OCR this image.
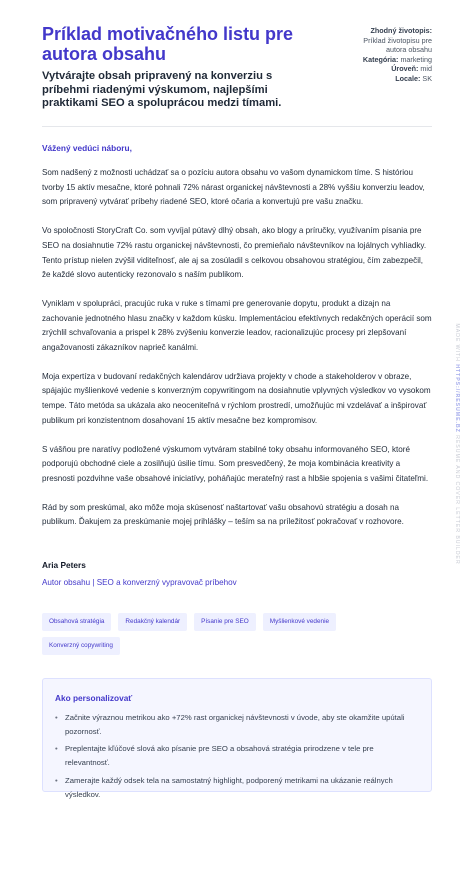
Príklad motivačného listu pre autora obsahu

Vytvárajte obsah pripravený na konverziu s príbehmi riadenými výskumom, najlepšími praktikami SEO a spoluprácou medzi tímami.

Zhodný životopis:
Príklad životopisu pre autora obsahu
Kategória: marketing
Úroveň: mid
Locale: SK

Vážený vedúci náboru,

Som nadšený z možnosti uchádzať sa o pozíciu autora obsahu vo vašom dynamickom tíme. S históriou tvorby 15 aktív mesačne, ktoré pohnali 72% nárast organickej návštevnosti a 28% vyššiu konverziu leadov, som pripravený vytvárať príbehy riadené SEO, ktoré očaria a konvertujú pre vašu značku.

Vo spoločnosti StoryCraft Co. som vyvíjal pútavý dlhý obsah, ako blogy a príručky, využívaním písania pre SEO na dosiahnutie 72% rastu organickej návštevnosti, čo premieňalo návštevníkov na lojálnych vyhliadky. Tento prístup nielen zvýšil viditeľnosť, ale aj sa zosúladil s celkovou obsahovou stratégiou, čím zabezpečil, že každé slovo autenticky rezonovalo s naším publikom.

Vyniklam v spolupráci, pracujúc ruka v ruke s tímami pre generovanie dopytu, produkt a dizajn na zachovanie jednotného hlasu značky v každom kúsku. Implementáciou efektívnych redakčných operácií som zrýchlil schvaľovania a prispel k 28% zvýšeniu konverzie leadov, racionalizujúc procesy pri zlepšovaní angažovanosti zákazníkov naprieč kanálmi.

Moja expertíza v budovaní redakčných kalendárov udržiava projekty v chode a stakeholderov v obraze, spájajúc myšlienkové vedenie s konverzným copywritingom na dosiahnutie vplyvných výsledkov vo vysokom tempe. Táto metóda sa ukázala ako neoceniteľná v rýchlom prostredí, umožňujúc mi vzdelávať a inšpirovať publikum pri konzistentnom dosahovaní 15 aktív mesačne bez kompromisov.

S vášňou pre naratívy podložené výskumom vytváram stabilné toky obsahu informovaného SEO, ktoré podporujú obchodné ciele a zosilňujú úsilie tímu. Som presvedčený, že moja kombinácia kreativity a presnosti pozdvihne vaše obsahové iniciatívy, poháňajúc merateľný rast a hlbšie spojenia s vašimi čitateľmi.

Rád by som preskúmal, ako môže moja skúsenosť naštartovať vašu obsahovú stratégiu a dosah na publikum. Ďakujem za preskúmanie mojej prihlášky – teším sa na príležitosť pokračovať v rozhovore.

Aria Peters

Autor obsahu | SEO a konverzný vypravovač príbehov

Obsahová stratégia	Redakčný kalendár	Písanie pre SEO	Myšlienkové vedenie
Konverzný copywriting

Ako personalizovať

• Začnite výraznou metrikou ako +72% rast organickej návštevnosti v úvode, aby ste okamžite upútali pozornosť.
• Preplentajte kľúčové slová ako písanie pre SEO a obsahová stratégia prirodzene v tele pre relevantnosť.
• Zamerajte každý odsek tela na samostatný highlight, podporený metrikami na ukázanie reálnych výsledkov.
MADE WITH HTTPS://RESUME.BZ RESUME AND COVER LETTER BUILDER
